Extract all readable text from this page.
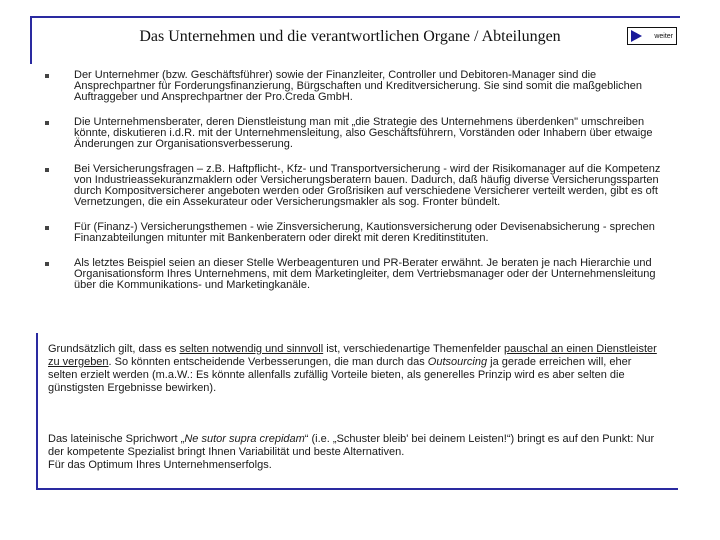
Das Unternehmen und die verantwortlichen Organe / Abteilungen	weiter
Der Unternehmer (bzw. Geschäftsführer) sowie der Finanzleiter, Controller und Debitoren-Manager sind die Ansprechpartner für Forderungsfinanzierung, Bürgschaften und Kreditversicherung. Sie sind somit die maßgeblichen Auftraggeber und Ansprechpartner der Pro.Creda GmbH.
Die Unternehmensberater, deren Dienstleistung man mit „die Strategie des Unternehmens überdenken" umschreiben könnte, diskutieren i.d.R. mit der Unternehmensleitung, also Geschäftsführern, Vorständen oder Inhabern über etwaige Änderungen zur Organisationsverbesserung.
Bei Versicherungsfragen – z.B. Haftpflicht-, Kfz- und Transportversicherung - wird der Risikomanager auf die Kompetenz von Industrieassekuranzmaklern oder Versicherungsberatern bauen. Dadurch, daß häufig diverse Versicherungssparten durch Kompositversicherer angeboten werden oder Großrisiken auf verschiedene Versicherer verteilt werden, gibt es oft Vernetzungen, die ein Assekurateur oder Versicherungsmakler als sog. Fronter bündelt.
Für (Finanz-) Versicherungsthemen - wie Zinsversicherung, Kautionsversicherung oder Devisenabsicherung - sprechen Finanzabteilungen mitunter mit Bankenberatern oder direkt mit deren Kreditinstituten.
Als letztes Beispiel seien an dieser Stelle Werbeagenturen und PR-Berater erwähnt. Je beraten je nach Hierarchie und Organisationsform Ihres Unternehmens, mit dem Marketingleiter, dem Vertriebsmanager oder der Unternehmensleitung über die Kommunikations- und Marketingkanäle.
Grundsätzlich gilt, dass es selten notwendig und sinnvoll ist, verschiedenartige Themenfelder pauschal an einen Dienstleister zu vergeben. So könnten entscheidende Verbesserungen, die man durch das Outsourcing ja gerade erreichen will, eher selten erzielt werden (m.a.W.: Es könnte allenfalls zufällig Vorteile bieten, als generelles Prinzip wird es aber selten die günstigsten Ergebnisse bewirken).
Das lateinische Sprichwort „Ne sutor supra crepidam“ (i.e. „Schuster bleib' bei deinem Leisten!“) bringt es auf den Punkt: Nur der kompetente Spezialist bringt Ihnen Variabilität und beste Alternativen.
Für das Optimum Ihres Unternehmenserfolgs.
